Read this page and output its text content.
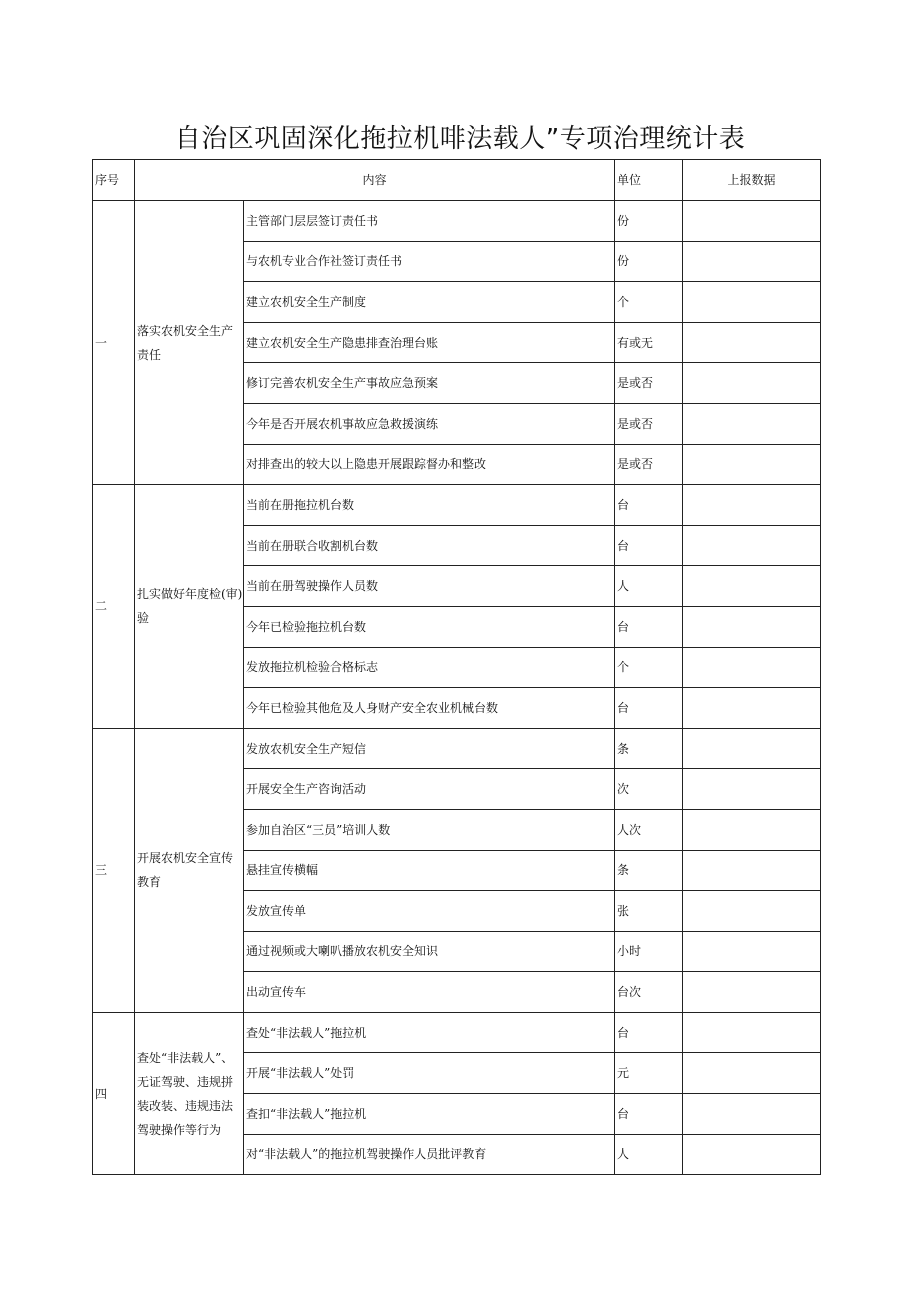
自治区巩固深化拖拉机啡法载人”专项治理统计表
序号	内容		单位	上报数据
一	落实农机安全生产责任	主管部门层层签订责任书	份	
		与农机专业合作社签订责任书	份	
		建立农机安全生产制度	个	
		建立农机安全生产隐患排查治理台账	有或无	
		修订完善农机安全生产事故应急预案	是或否	
		今年是否开展农机事故应急救援演练	是或否	
		对排查出的较大以上隐患开展跟踪督办和整改	是或否	
二	扎实做好年度检(审)验	当前在册拖拉机台数	台	
		当前在册联合收割机台数	台	
		当前在册驾驶操作人员数	人	
		今年已检验拖拉机台数	台	
		发放拖拉机检验合格标志	个	
		今年已检验其他危及人身财产安全农业机械台数	台	
三	开展农机安全宣传教育	发放农机安全生产短信	条	
		开展安全生产咨询活动	次	
		参加自治区“三员”培训人数	人次	
		悬挂宣传横幅	条	
		发放宣传单	张	
		通过视频或大喇叭播放农机安全知识	小时	
		出动宣传车	台次	
四	查处“非法载人”、无证驾驶、违规拼装改装、违规违法驾驶操作等行为	查处“非法载人”拖拉机	台	
		开展“非法载人”处罚	元	
		查扣“非法载人”拖拉机	台	
		对“非法载人”的拖拉机驾驶操作人员批评教育	人	
